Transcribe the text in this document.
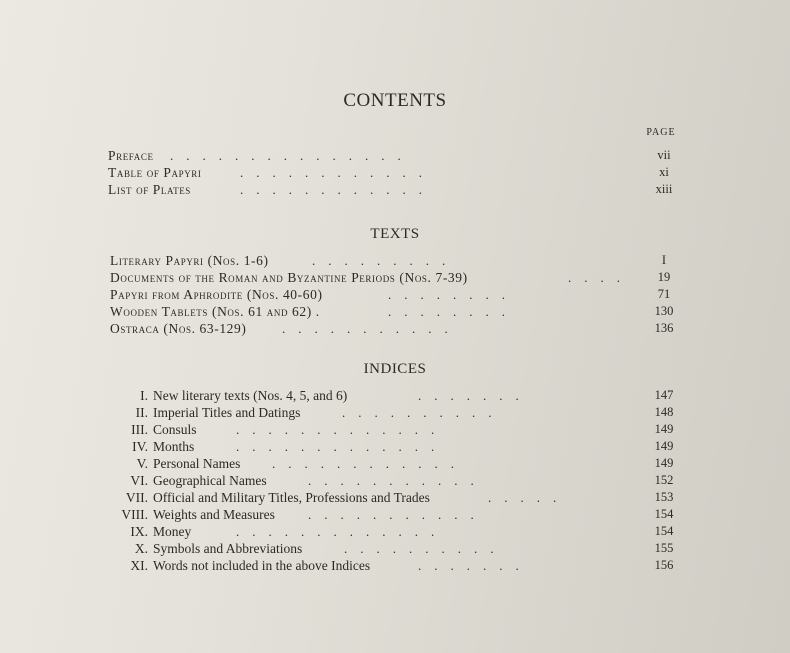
CONTENTS
PAGE
Preface .    .    .    .    .    .    .    .    .    .    .    .    .    .    .	vii
Table of Papyri	.    .    .    .    .    .    .    .    .    .    .    .	xi
List of Plates	.    .    .    .    .    .    .    .    .    .    .    .	xiii
TEXTS
Literary Papyri (Nos. 1-6)	.    .    .    .    .    .    .    .    .	I
Documents of the Roman and Byzantine Periods (Nos. 7-39)	.    .    .    .	19
Papyri from Aphrodite (Nos. 40-60)	.    .    .    .    .    .    .    .	71
Wooden Tablets (Nos. 61 and 62) .	.    .    .    .    .    .    .    .	130
Ostraca (Nos. 63-129)	.    .    .    .    .    .    .    .    .    .    .	136
INDICES
I. New literary texts (Nos. 4, 5, and 6)	.    .    .    .    .    .    .	147
II. Imperial Titles and Datings	.    .    .    .    .    .    .    .    .    .	148
III. Consuls	.    .    .    .    .    .    .    .    .    .    .    .    .	149
IV. Months	.    .    .    .    .    .    .    .    .    .    .    .    .	149
V. Personal Names .    .    .    .    .    .    .    .    .    .    .    .	149
VI. Geographical Names	.    .    .    .    .    .    .    .    .    .    .	152
VII. Official and Military Titles, Professions and Trades	.    .    .    .    .	153
VIII. Weights and Measures	.    .    .    .    .    .    .    .    .    .    .	154
IX. Money	.    .    .    .    .    .    .    .    .    .    .    .    .	154
X. Symbols and Abbreviations	.    .    .    .    .    .    .    .    .    .	155
XI. Words not included in the above Indices	.    .    .    .    .    .    .	156
